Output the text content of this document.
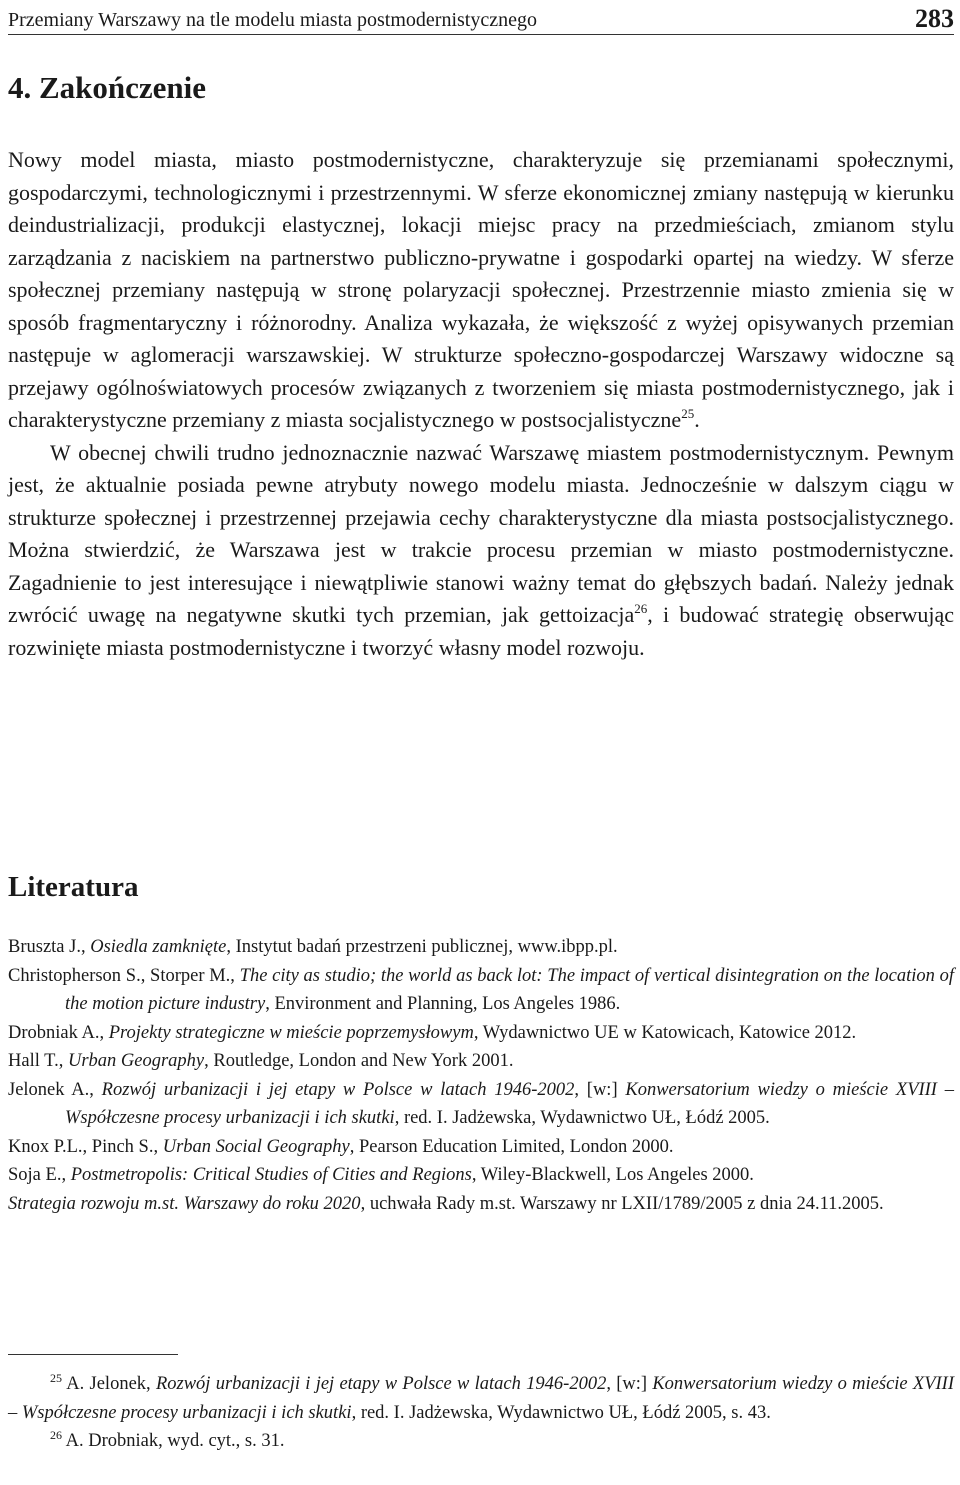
Przemiany Warszawy na tle modelu miasta postmodernistycznego	283
4. Zakończenie

Nowy model miasta, miasto postmodernistyczne, charakteryzuje się przemianami społecznymi, gospodarczymi, technologicznymi i przestrzennymi. W sferze ekonomicznej zmiany następują w kierunku deindustrializacji, produkcji elastycznej, lokacji miejsc pracy na przedmieściach, zmianom stylu zarządzania z naciskiem na partnerstwo publiczno-prywatne i gospodarki opartej na wiedzy. W sferze społecznej przemiany następują w stronę polaryzacji społecznej. Przestrzennie miasto zmienia się w sposób fragmentaryczny i różnorodny. Analiza wykazała, że większość z wyżej opisywanych przemian następuje w aglomeracji warszawskiej. W strukturze społeczno-gospodarczej Warszawy widoczne są przejawy ogólnoświatowych procesów związanych z tworzeniem się miasta postmodernistycznego, jak i charakterystyczne przemiany z miasta socjalistycznego w postsocjalistyczne$^{25}$.

W obecnej chwili trudno jednoznacznie nazwać Warszawę miastem postmodernistycznym. Pewnym jest, że aktualnie posiada pewne atrybuty nowego modelu miasta. Jednocześnie w dalszym ciągu w strukturze społecznej i przestrzennej przejawia cechy charakterystyczne dla miasta postsocjalistycznego. Można stwierdzić, że Warszawa jest w trakcie procesu przemian w miasto postmodernistyczne. Zagadnienie to jest interesujące i niewątpliwie stanowi ważny temat do głębszych badań. Należy jednak zwrócić uwagę na negatywne skutki tych przemian, jak gettoizacja$^{26}$, i budować strategię obserwując rozwinięte miasta postmodernistyczne i tworzyć własny model rozwoju.

Literatura

Bruszta J., Osiedla zamknięte, Instytut badań przestrzeni publicznej, www.ibpp.pl.

Christopherson S., Storper M., The city as studio; the world as back lot: The impact of vertical disintegration on the location of the motion picture industry, Environment and Planning, Los Angeles 1986.

Drobniak A., Projekty strategiczne w mieście poprzemysłowym, Wydawnictwo UE w Katowicach, Katowice 2012.

Hall T., Urban Geography, Routledge, London and New York 2001.

Jelonek A., Rozwój urbanizacji i jej etapy w Polsce w latach 1946-2002, [w:] Konwersatorium wiedzy o mieście XVIII – Współczesne procesy urbanizacji i ich skutki, red. I. Jadżewska, Wydawnictwo UŁ, Łódź 2005.

Knox P.L., Pinch S., Urban Social Geography, Pearson Education Limited, London 2000.

Soja E., Postmetropolis: Critical Studies of Cities and Regions, Wiley-Blackwell, Los Angeles 2000.

Strategia rozwoju m.st. Warszawy do roku 2020, uchwała Rady m.st. Warszawy nr LXII/1789/2005 z dnia 24.11.2005.

$^{25}$ A. Jelonek, Rozwój urbanizacji i jej etapy w Polsce w latach 1946-2002, [w:] Konwersatorium wiedzy o mieście XVIII – Współczesne procesy urbanizacji i ich skutki, red. I. Jadżewska, Wydawnictwo UŁ, Łódź 2005, s. 43.

$^{26}$ A. Drobniak, wyd. cyt., s. 31.
